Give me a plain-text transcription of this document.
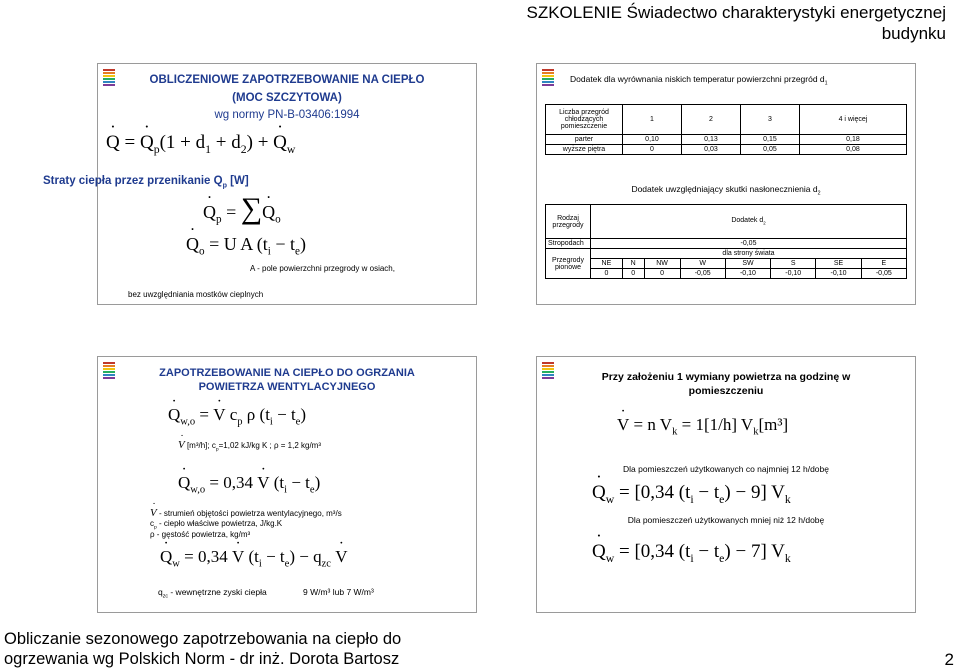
SZKOLENIE Świadectwo charakterystyki energetycznej
budynku
OBLICZENIOWE ZAPOTRZEBOWANIE NA CIEPŁO
(MOC SZCZYTOWA)
wg normy PN-B-03406:1994
˙ Q = ˙ $Q_p(1 + d_1 + d_2)$ + ˙ $Q_w$
Straty ciepła przez przenikanie $Q_p$ [W]
˙ $Q_p$ = ∑˙ $Q_o$
˙ $Q_o = U$ A $(t_i - t_e)$
A - pole powierzchni przegrody w osiach,
bez uwzględniania mostków cieplnych
Dodatek dla wyrównania niskich temperatur powierzchni przegród $d_1$
Liczba przegród
chłodzących
pomieszczenie	1	2	3	4 i więcej
parter	0,10	0,13	0,15	0,18
wyższe piętra	0	0,03	0,05	0,08
Dodatek uwzględniający skutki nasłonecznienia $d_2$
Rodzaj
przegrody	Dodatek $d_2$
Stropodach	-0,05							

Przegrody
pionowe	dla strony świata							
	NE	N	NW	W	SW	S	SE	E
	0	0	0	-0,05	-0,10	-0,10	-0,10	-0,05
ZAPOTRZEBOWANIE NA CIEPŁO DO OGRZANIA
POWIETRZA WENTYLACYJNEGO
˙ $Q_{w,o}$ = ˙ V $c_p$ ρ $(t_i - t_e)$
˙ V [m³/h]; $c_p=1,02$ kJ/kg K ; ρ = 1,2 kg/m³
˙ $Q_{w,o} = 0,34$ ˙ V $(t_i - t_e)$
˙ V - strumień objętości powietrza wentylacyjnego, m³/s
$c_p$ - ciepło właściwe powietrza, J/kg.K
ρ - gęstość powietrza, kg/m³
˙ $Q_w = 0,34$ ˙ V $(t_i - t_e) - q_{zc}$ ˙ V
$q_{zc}$ - wewnętrzne zyski ciepła	9 W/m³ lub 7 W/m³
Przy założeniu 1 wymiany powietrza na godzinę w
pomieszczeniu
˙ V = n $V_k = 1[1/h]$ $V_k[m^3]$
Dla pomieszczeń użytkowanych co najmniej 12 h/dobę
˙ $Q_w = [0,34$ $(t_i - t_e) - 9$] $V_k$
Dla pomieszczeń użytkowanych mniej niż 12 h/dobę
˙ $Q_w = [0,34$ $(t_i - t_e) - 7$] $V_k$
Obliczanie sezonowego zapotrzebowania na ciepło do
ogrzewania wg Polskich Norm - dr inż. Dorota Bartosz	2
